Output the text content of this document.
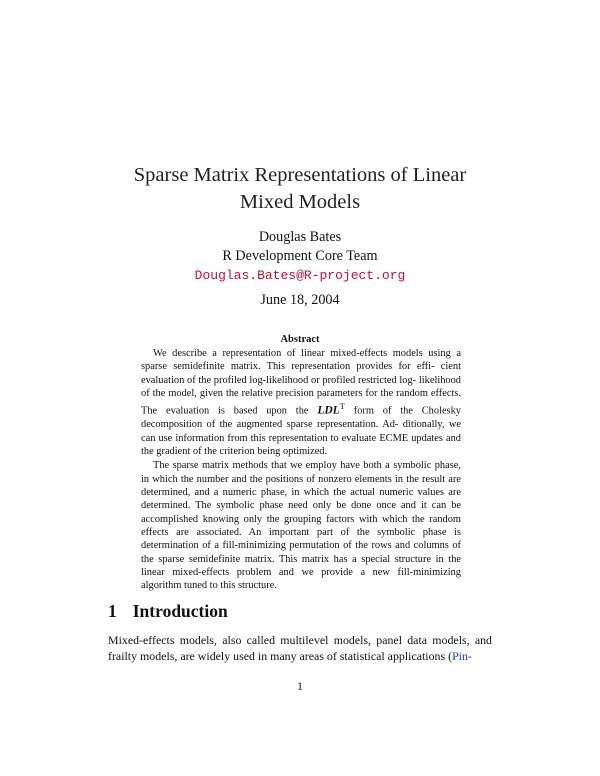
Sparse Matrix Representations of Linear
Mixed Models
Douglas Bates
R Development Core Team
Douglas.Bates@R-project.org
June 18, 2004
Abstract

We describe a representation of linear mixed-effects models using a sparse semidefinite matrix. This representation provides for effi- cient evaluation of the profiled log-likelihood or profiled restricted log- likelihood of the model, given the relative precision parameters for the random effects. The evaluation is based upon the $LDL^T$ form of the Cholesky decomposition of the augmented sparse representation. Ad- ditionally, we can use information from this representation to evaluate ECME updates and the gradient of the criterion being optimized.

The sparse matrix methods that we employ have both a symbolic phase, in which the number and the positions of nonzero elements in the result are determined, and a numeric phase, in which the actual numeric values are determined. The symbolic phase need only be done once and it can be accomplished knowing only the grouping factors with which the random effects are associated. An important part of the symbolic phase is determination of a fill-minimizing permutation of the rows and columns of the sparse semidefinite matrix. This matrix has a special structure in the linear mixed-effects problem and we provide a new fill-minimizing algorithm tuned to this structure.

1 Introduction

Mixed-effects models, also called multilevel models, panel data models, and frailty models, are widely used in many areas of statistical applications (Pin-

1
